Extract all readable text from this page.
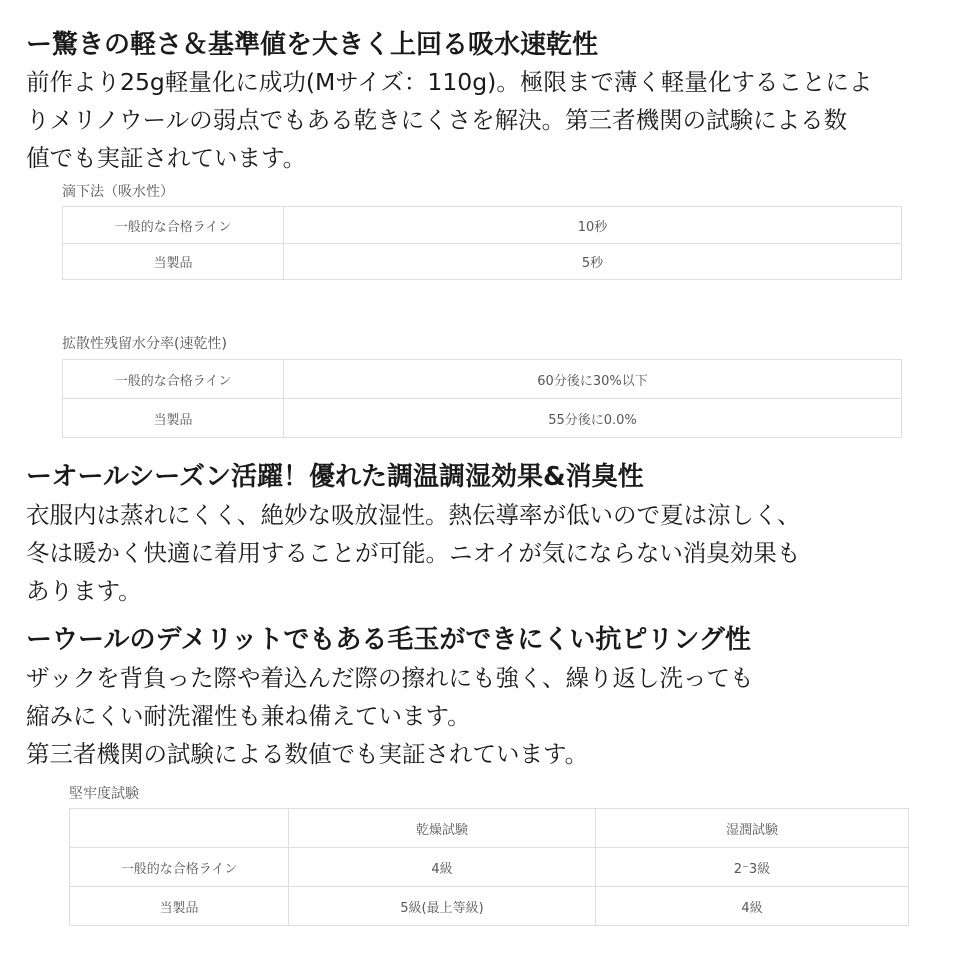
ー驚きの軽さ＆基準値を大きく上回る吸水速乾性
前作より25g軽量化に成功(Mサイズ：110g)。極限まで薄く軽量化することによ
りメリノウールの弱点でもある乾きにくさを解決。第三者機関の試験による数
値でも実証されています。
滴下法（吸水性）
一般的な合格ライン	10秒
当製品	5秒
拡散性残留水分率(速乾性)
一般的な合格ライン	60分後に30%以下
当製品	55分後に0.0%
ーオールシーズン活躍！優れた調温調湿効果&消臭性
衣服内は蒸れにくく、絶妙な吸放湿性。熱伝導率が低いので夏は涼しく、
冬は暖かく快適に着用することが可能。ニオイが気にならない消臭効果も
あります。
ーウールのデメリットでもある毛玉ができにくい抗ピリング性
ザックを背負った際や着込んだ際の擦れにも強く、繰り返し洗っても
縮みにくい耐洗濯性も兼ね備えています。
第三者機関の試験による数値でも実証されています。
堅牢度試験
	乾燥試験	湿潤試験
一般的な合格ライン	4級	2⁻3級
当製品	5級(最上等級)	4級
